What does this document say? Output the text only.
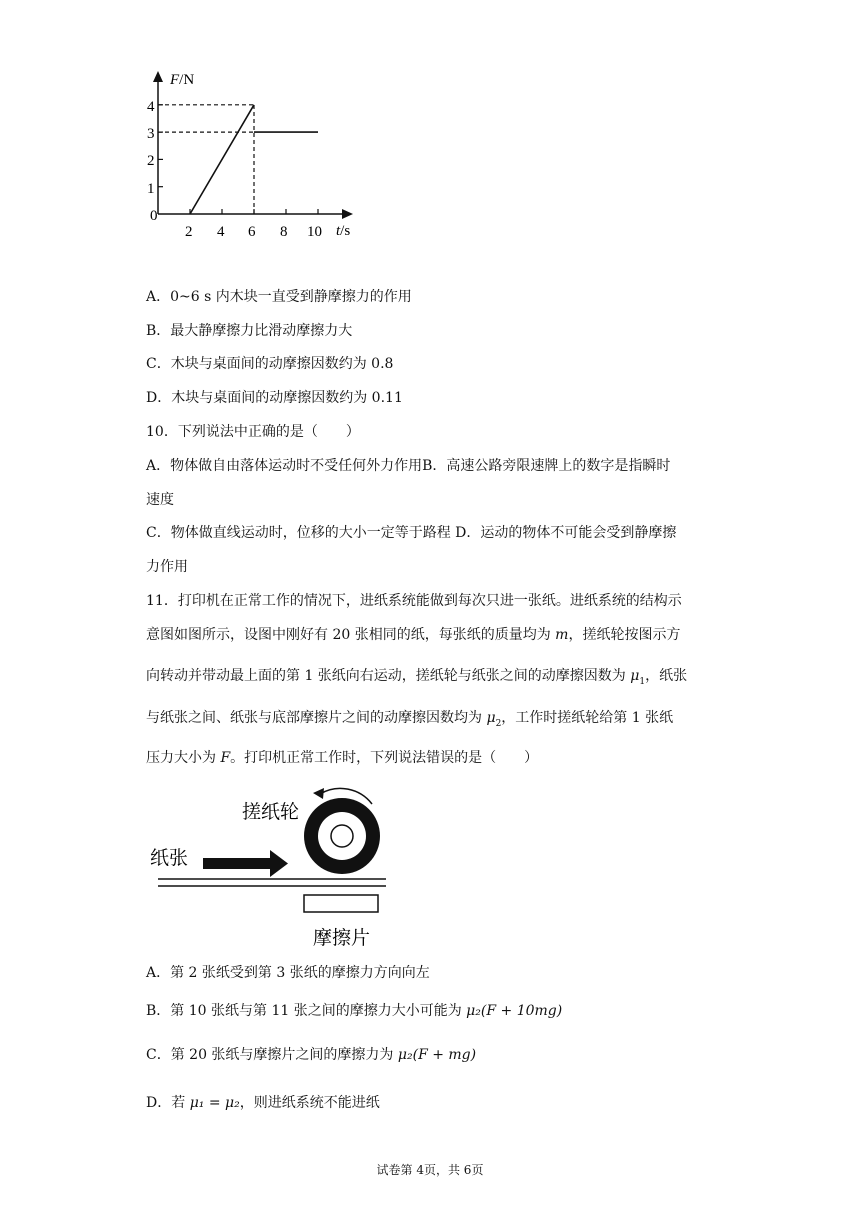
F/N
t/s
0
1
2
3
4
2 4 6 8 10
A．0~6 s 内木块一直受到静摩擦力的作用
B．最大静摩擦力比滑动摩擦力大
C．木块与桌面间的动摩擦因数约为 0.8
D．木块与桌面间的动摩擦因数约为 0.11
10．下列说法中正确的是（　　）
A．物体做自由落体运动时不受任何外力作用B．高速公路旁限速牌上的数字是指瞬时
速度
C．物体做直线运动时，位移的大小一定等于路程 D．运动的物体不可能会受到静摩擦
力作用
11．打印机在正常工作的情况下，进纸系统能做到每次只进一张纸。进纸系统的结构示
意图如图所示，设图中刚好有 20 张相同的纸，每张纸的质量均为 m，搓纸轮按图示方
向转动并带动最上面的第 1 张纸向右运动，搓纸轮与纸张之间的动摩擦因数为 $\mu_1$，纸张
与纸张之间、纸张与底部摩擦片之间的动摩擦因数均为 $\mu_2$，工作时搓纸轮给第 1 张纸
压力大小为 F。打印机正常工作时，下列说法错误的是（　　）
搓纸轮
纸张
摩擦片
A．第 2 张纸受到第 3 张纸的摩擦力方向向左
B．第 10 张纸与第 11 张之间的摩擦力大小可能为 μ₂(F + 10mg)
C．第 20 张纸与摩擦片之间的摩擦力为 μ₂(F + mg)
D．若 μ₁ = μ₂，则进纸系统不能进纸
试卷第 4页，共 6页
